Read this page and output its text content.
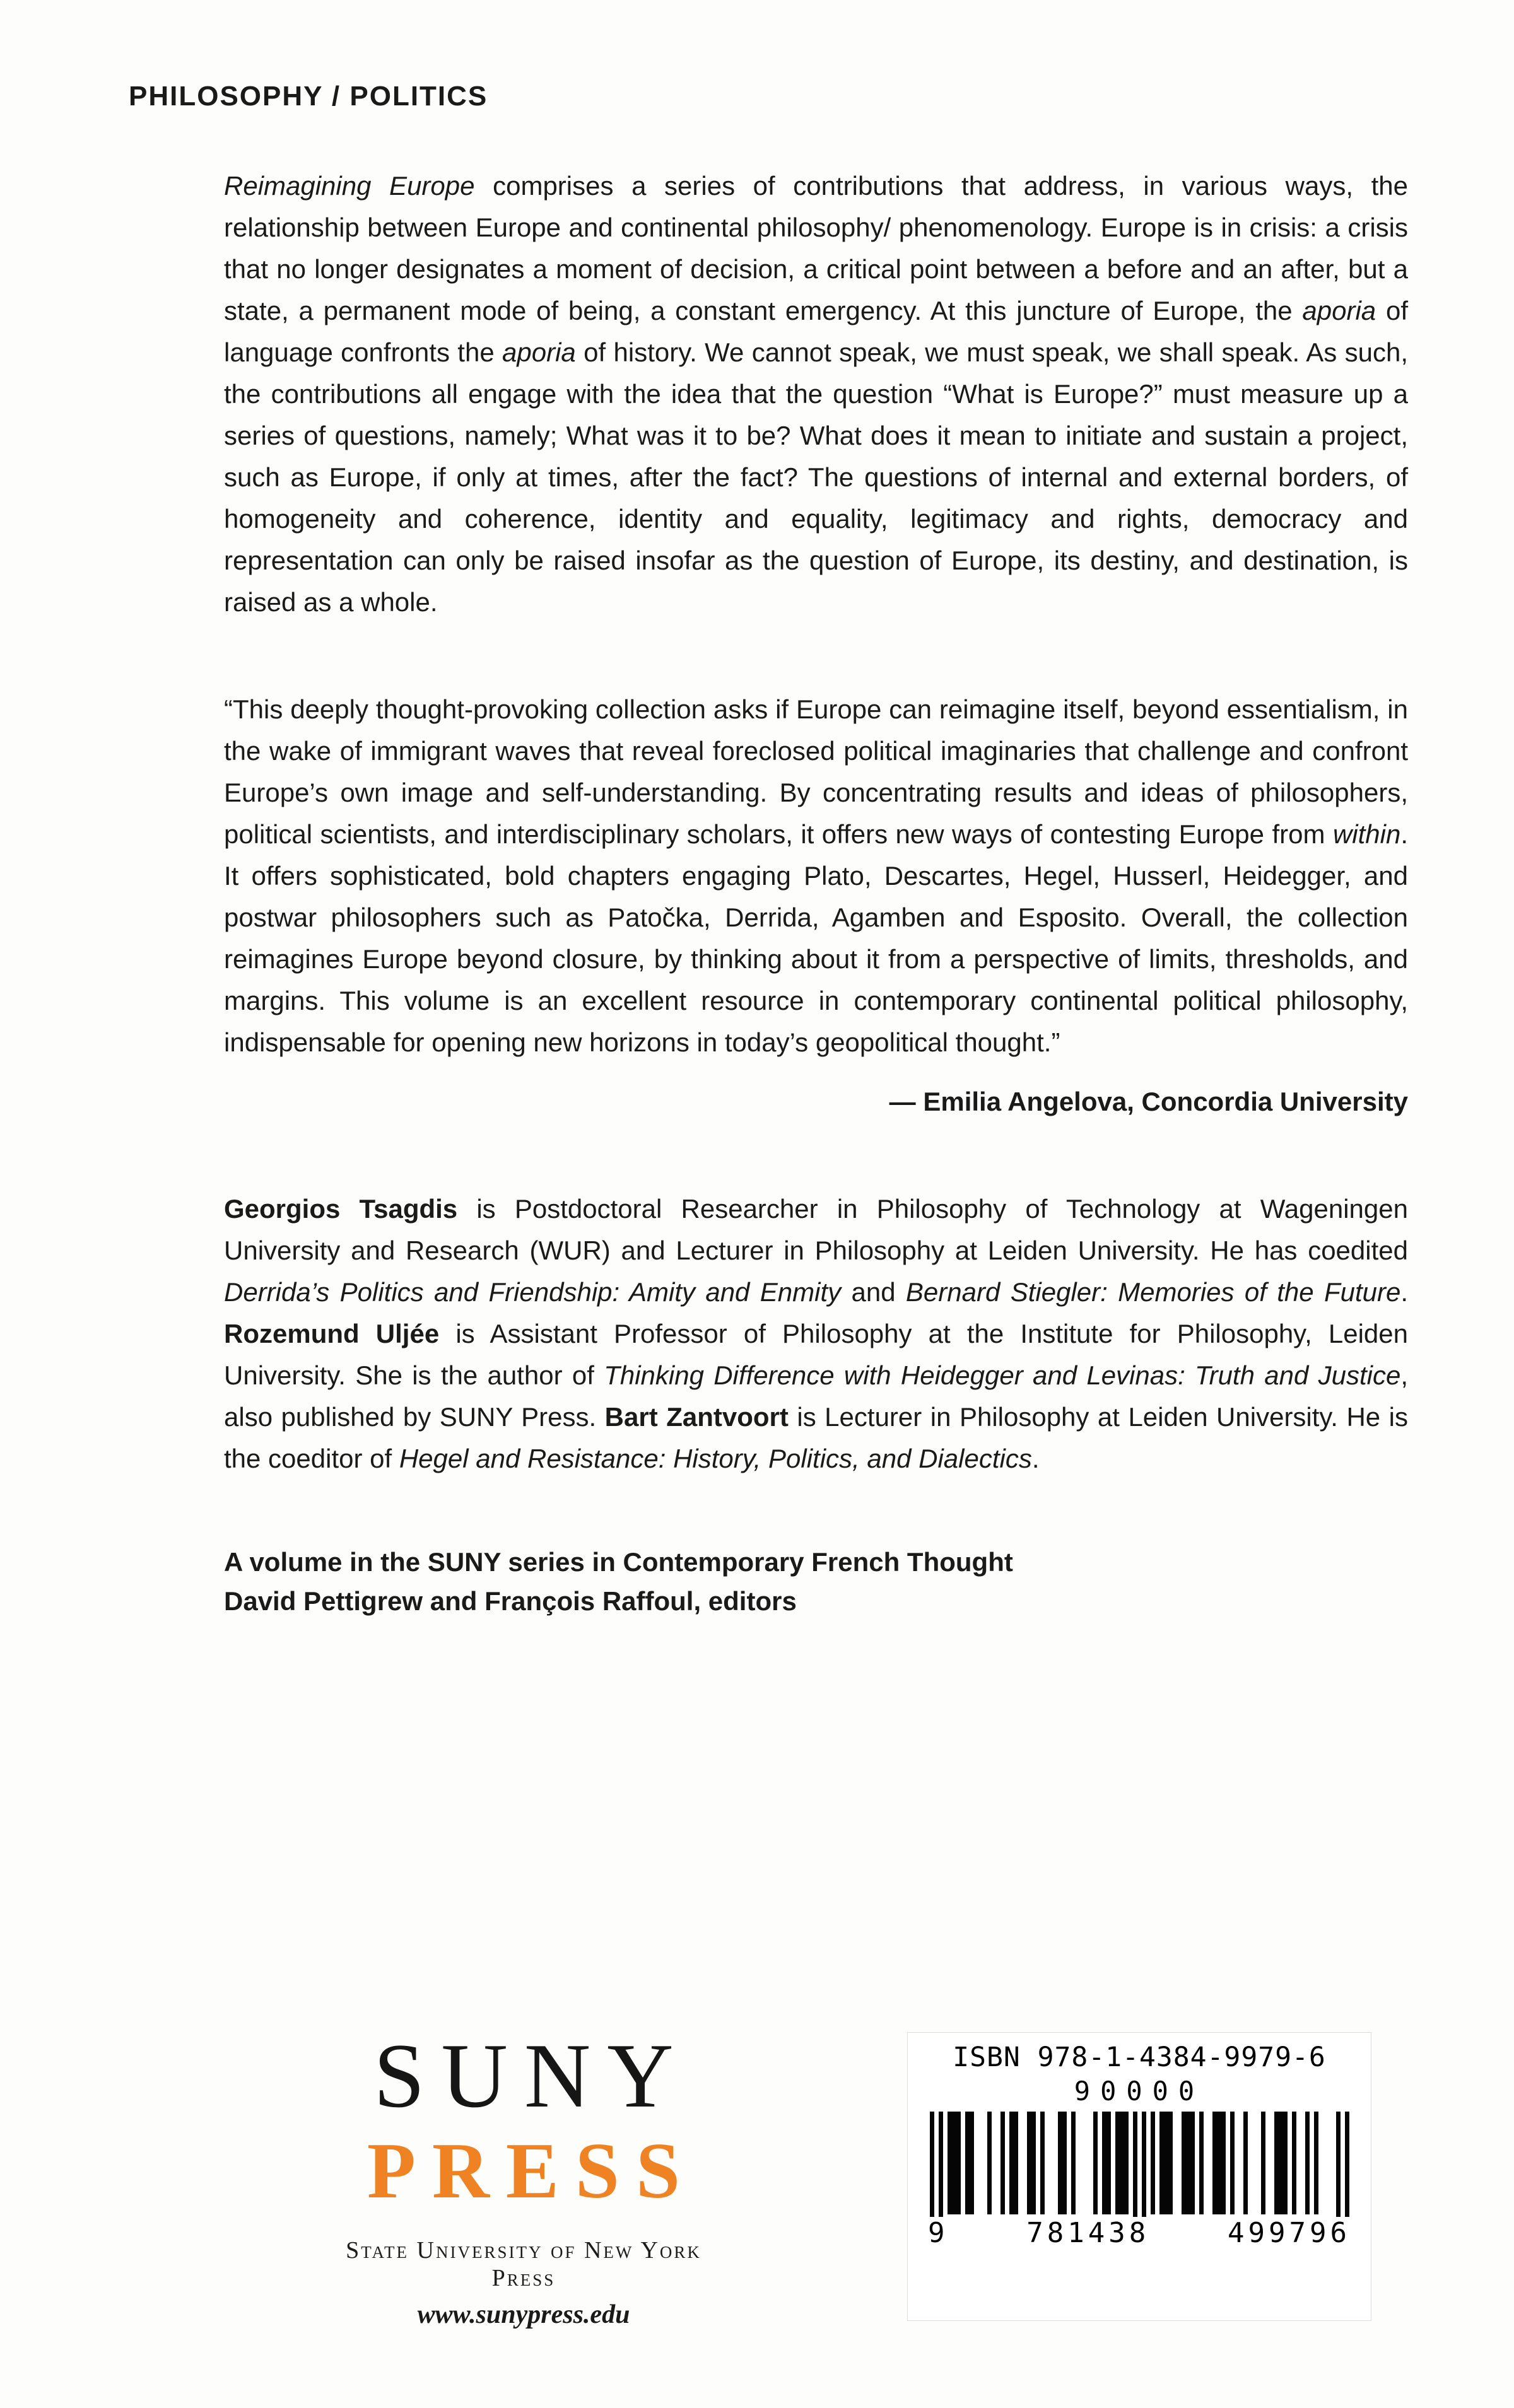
PHILOSOPHY / POLITICS

Reimagining Europe comprises a series of contributions that address, in various ways, the relationship between Europe and continental philosophy/ phenomenology. Europe is in crisis: a crisis that no longer designates a moment of decision, a critical point between a before and an after, but a state, a permanent mode of being, a constant emergency. At this juncture of Europe, the aporia of language confronts the aporia of history. We cannot speak, we must speak, we shall speak. As such, the contributions all engage with the idea that the question “What is Europe?” must measure up a series of questions, namely; What was it to be? What does it mean to initiate and sustain a project, such as Europe, if only at times, after the fact? The questions of internal and external borders, of homogeneity and coherence, identity and equality, legitimacy and rights, democracy and representation can only be raised insofar as the question of Europe, its destiny, and destination, is raised as a whole.

“This deeply thought-provoking collection asks if Europe can reimagine itself, beyond essentialism, in the wake of immigrant waves that reveal foreclosed political imaginaries that challenge and confront Europe’s own image and self-understanding. By concentrating results and ideas of philosophers, political scientists, and interdisciplinary scholars, it offers new ways of contesting Europe from within. It offers sophisticated, bold chapters engaging Plato, Descartes, Hegel, Husserl, Heidegger, and postwar philosophers such as Patočka, Derrida, Agamben and Esposito. Overall, the collection reimagines Europe beyond closure, by thinking about it from a perspective of limits, thresholds, and margins. This volume is an excellent resource in contemporary continental political philosophy, indispensable for opening new horizons in today’s geopolitical thought.”

— Emilia Angelova, Concordia University

Georgios Tsagdis is Postdoctoral Researcher in Philosophy of Technology at Wageningen University and Research (WUR) and Lecturer in Philosophy at Leiden University. He has coedited Derrida’s Politics and Friendship: Amity and Enmity and Bernard Stiegler: Memories of the Future. Rozemund Uljée is Assistant Professor of Philosophy at the Institute for Philosophy, Leiden University. She is the author of Thinking Difference with Heidegger and Levinas: Truth and Justice, also published by SUNY Press. Bart Zantvoort is Lecturer in Philosophy at Leiden University. He is the coeditor of Hegel and Resistance: History, Politics, and Dialectics.

A volume in the SUNY series in Contemporary French Thought
David Pettigrew and François Raffoul, editors
SUNY
PRESS
State University of New York Press
www.sunypress.edu
ISBN 978-1-4384-9979-6
90000
9	781438	499796
